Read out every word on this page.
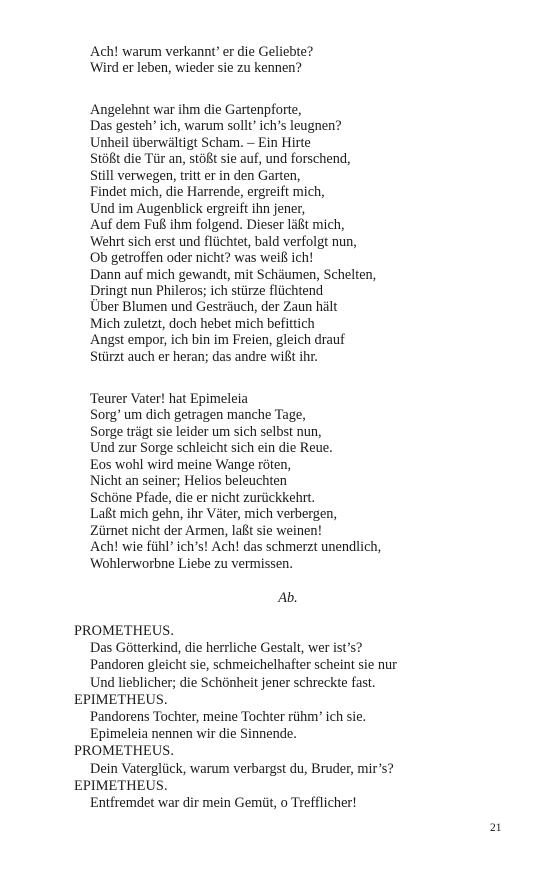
Ach! warum verkannt’ er die Geliebte?
Wird er leben, wieder sie zu kennen?
Angelehnt war ihm die Gartenpforte,
Das gesteh’ ich, warum sollt’ ich’s leugnen?
Unheil überwältigt Scham. – Ein Hirte
Stößt die Tür an, stößt sie auf, und forschend,
Still verwegen, tritt er in den Garten,
Findet mich, die Harrende, ergreift mich,
Und im Augenblick ergreift ihn jener,
Auf dem Fuß ihm folgend. Dieser läßt mich,
Wehrt sich erst und flüchtet, bald verfolgt nun,
Ob getroffen oder nicht? was weiß ich!
Dann auf mich gewandt, mit Schäumen, Schelten,
Dringt nun Phileros; ich stürze flüchtend
Über Blumen und Gesträuch, der Zaun hält
Mich zuletzt, doch hebet mich befittich
Angst empor, ich bin im Freien, gleich drauf
Stürzt auch er heran; das andre wißt ihr.
Teurer Vater! hat Epimeleia
Sorg’ um dich getragen manche Tage,
Sorge trägt sie leider um sich selbst nun,
Und zur Sorge schleicht sich ein die Reue.
Eos wohl wird meine Wange röten,
Nicht an seiner; Helios beleuchten
Schöne Pfade, die er nicht zurückkehrt.
Laßt mich gehn, ihr Väter, mich verbergen,
Zürnet nicht der Armen, laßt sie weinen!
Ach! wie fühl’ ich’s! Ach! das schmerzt unendlich,
Wohlerworbne Liebe zu vermissen.
Ab.
PROMETHEUS.
Das Götterkind, die herrliche Gestalt, wer ist’s?
Pandoren gleicht sie, schmeichelhafter scheint sie nur
Und lieblicher; die Schönheit jener schreckte fast.
EPIMETHEUS.
Pandorens Tochter, meine Tochter rühm’ ich sie.
Epimeleia nennen wir die Sinnende.
PROMETHEUS.
Dein Vaterglück, warum verbargst du, Bruder, mir’s?
EPIMETHEUS.
Entfremdet war dir mein Gemüt, o Trefflicher!
21
